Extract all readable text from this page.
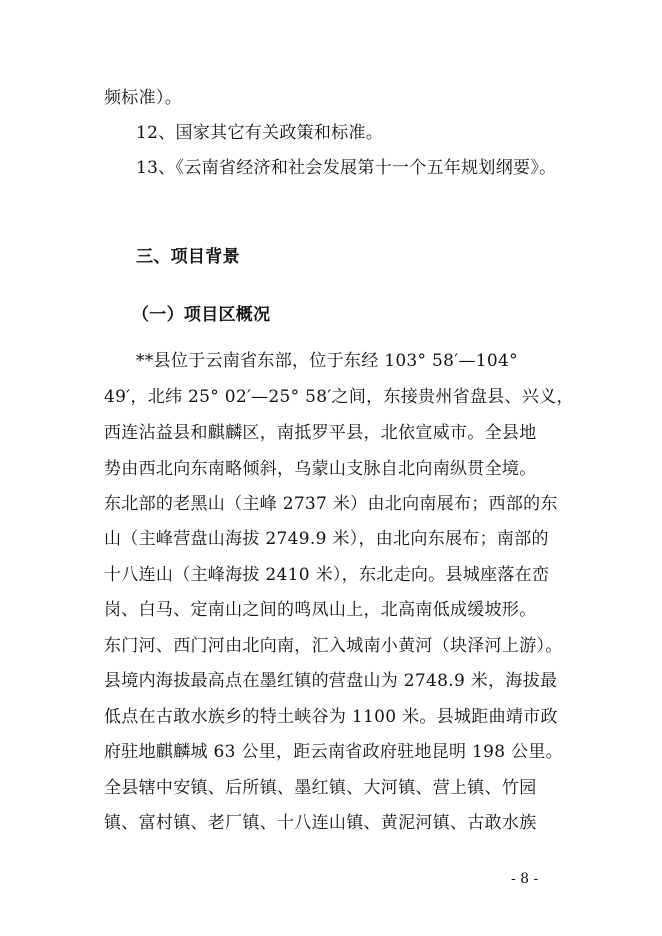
频标准）。
12、国家其它有关政策和标准。
13、《云南省经济和社会发展第十一个五年规划纲要》。
三、项目背景
（一）项目区概况
**县位于云南省东部，位于东经 103° 58′—104°
49′，北纬 25° 02′—25° 58′之间，东接贵州省盘县、兴义，
西连沾益县和麒麟区，南抵罗平县，北依宣威市。全县地
势由西北向东南略倾斜，乌蒙山支脉自北向南纵贯全境。
东北部的老黑山（主峰 2737 米）由北向南展布；西部的东
山（主峰营盘山海拔 2749.9 米），由北向东展布；南部的
十八连山（主峰海拔 2410 米），东北走向。县城座落在峦
岗、白马、定南山之间的鸣凤山上，北高南低成缓坡形。
东门河、西门河由北向南，汇入城南小黄河（块泽河上游）。
县境内海拔最高点在墨红镇的营盘山为 2748.9 米，海拔最
低点在古敢水族乡的特土峡谷为 1100 米。县城距曲靖市政
府驻地麒麟城 63 公里，距云南省政府驻地昆明 198 公里。
全县辖中安镇、后所镇、墨红镇、大河镇、营上镇、竹园
镇、富村镇、老厂镇、十八连山镇、黄泥河镇、古敢水族
- 8 -
